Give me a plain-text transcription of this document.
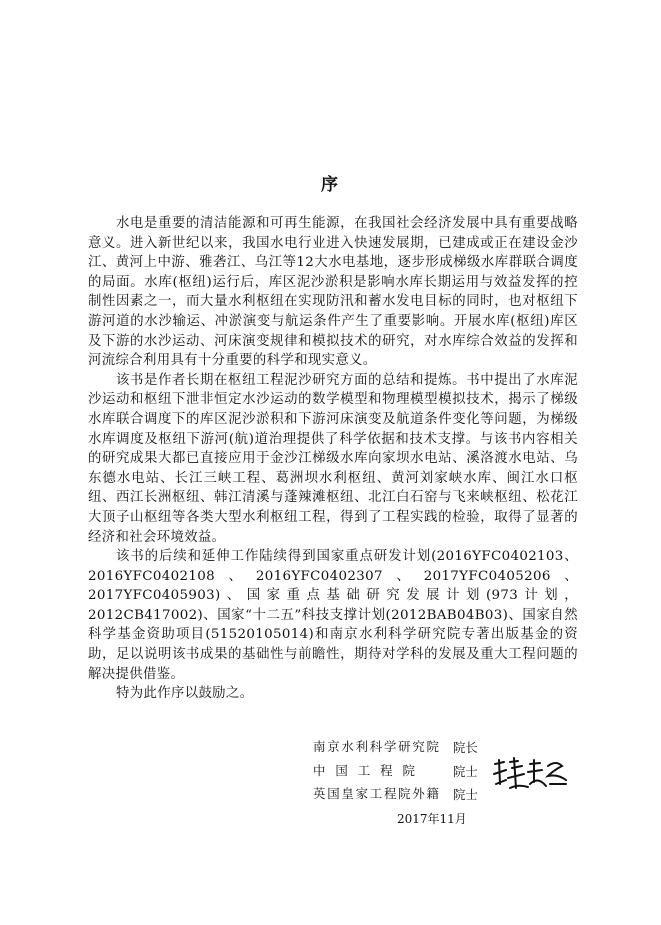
序

水电是重要的清洁能源和可再生能源，在我国社会经济发展中具有重要战略意义。进入新世纪以来，我国水电行业进入快速发展期，已建成或正在建设金沙江、黄河上中游、雅砻江、乌江等12大水电基地，逐步形成梯级水库群联合调度的局面。水库(枢纽)运行后，库区泥沙淤积是影响水库长期运用与效益发挥的控制性因素之一，而大量水利枢纽在实现防汛和蓄水发电目标的同时，也对枢纽下游河道的水沙输运、冲淤演变与航运条件产生了重要影响。开展水库(枢纽)库区及下游的水沙运动、河床演变规律和模拟技术的研究，对水库综合效益的发挥和河流综合利用具有十分重要的科学和现实意义。

该书是作者长期在枢纽工程泥沙研究方面的总结和提炼。书中提出了水库泥沙运动和枢纽下泄非恒定水沙运动的数学模型和物理模型模拟技术，揭示了梯级水库联合调度下的库区泥沙淤积和下游河床演变及航道条件变化等问题，为梯级水库调度及枢纽下游河(航)道治理提供了科学依据和技术支撑。与该书内容相关的研究成果大都已直接应用于金沙江梯级水库向家坝水电站、溪洛渡水电站、乌东德水电站、长江三峡工程、葛洲坝水利枢纽、黄河刘家峡水库、闽江水口枢纽、西江长洲枢纽、韩江清溪与蓬辣滩枢纽、北江白石窑与飞来峡枢纽、松花江大顶子山枢纽等各类大型水利枢纽工程，得到了工程实践的检验，取得了显著的经济和社会环境效益。

该书的后续和延伸工作陆续得到国家重点研发计划(2016YFC0402103、2016YFC0402108、2016YFC0402307、2017YFC0405206、2017YFC0405903)、国家重点基础研究发展计划(973计划，2012CB417002)、国家“十二五”科技支撑计划(2012BAB04B03)、国家自然科学基金资助项目(51520105014)和南京水利科学研究院专著出版基金的资助，足以说明该书成果的基础性与前瞻性，期待对学科的发展及重大工程问题的解决提供借鉴。

特为此作序以鼓励之。

南京水利科学研究院 院长
中国工程院 院士
英国皇家工程院外籍 院士
2017年11月
